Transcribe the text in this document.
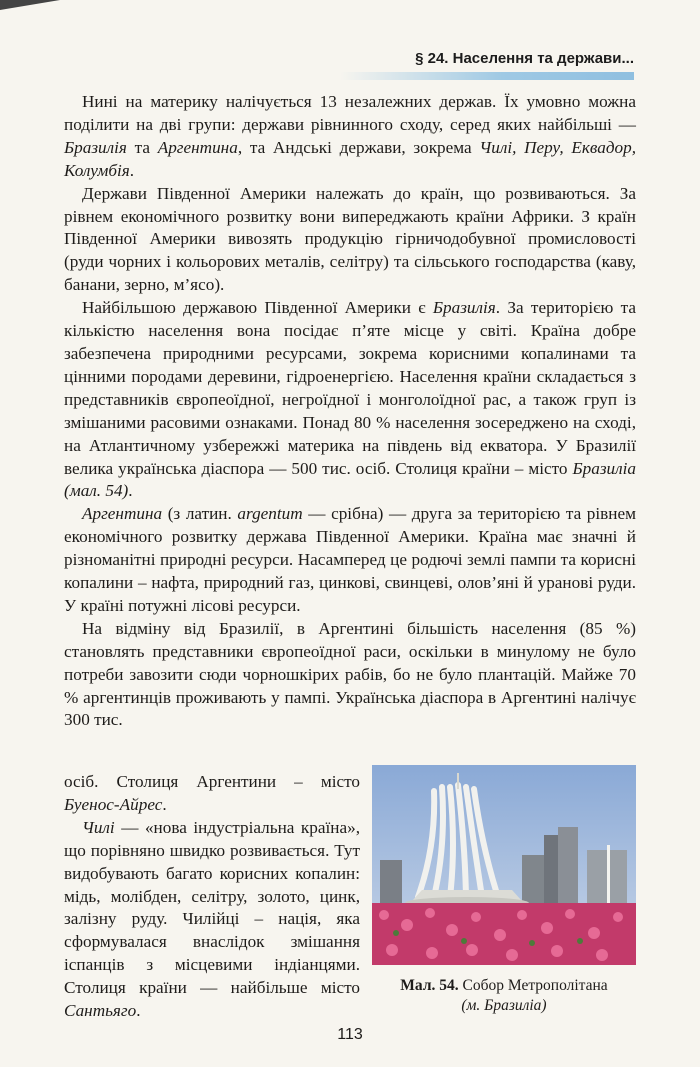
§ 24. Населення та держави...

Нині на материку налічується 13 незалежних держав. Їх умовно можна поділити на дві групи: держави рівнинного сходу, серед яких найбільші — Бразилія та Аргентина, та Андські держави, зокрема Чилі, Перу, Еквадор, Колумбія.

Держави Південної Америки належать до країн, що розвиваються. За рівнем економічного розвитку вони випереджають країни Африки. З країн Південної Америки вивозять продукцію гірничодобувної промисловості (руди чорних і кольорових металів, селітру) та сільського господарства (каву, банани, зерно, м’ясо).

Найбільшою державою Південної Америки є Бразилія. За територією та кількістю населення вона посідає п’яте місце у світі. Країна добре забезпечена природними ресурсами, зокрема корисними копалинами та цінними породами деревини, гідроенергією. Населення країни складається з представників європеоїдної, негроїдної і монголоїдної рас, а також груп із змішаними расовими ознаками. Понад 80 % населення зосереджено на сході, на Атлантичному узбережжі материка на південь від екватора. У Бразилії велика українська діаспора — 500 тис. осіб. Столиця країни – місто Бразиліа (мал. 54).

Аргентина (з латин. argentum — срібна) — друга за територією та рівнем економічного розвитку держава Південної Америки. Країна має значні й різноманітні природні ресурси. Насамперед це родючі землі пампи та корисні копалини – нафта, природний газ, цинкові, свинцеві, олов’яні й уранові руди. У країні потужні лісові ресурси.

На відміну від Бразилії, в Аргентині більшість населення (85 %) становлять представники європеоїдної раси, оскільки в минулому не було потреби завозити сюди чорношкірих рабів, бо не було плантацій. Майже 70 % аргентинців проживають у пампі. Українська діаспора в Аргентині налічує 300 тис.

осіб. Столиця Аргентини – місто Буенос-Айрес.

Чилі — «нова індустріальна країна», що порівняно швидко розвивається. Тут видобувають багато корисних копалин: мідь, молібден, селітру, золото, цинк, залізну руду. Чилійці – нація, яка сформувалася внаслідок змішання іспанців з місцевими індіанцями. Столиця країни — найбільше місто Сантьяго.

Мал. 54. Собор Метрополітана
(м. Бразиліа)
113
